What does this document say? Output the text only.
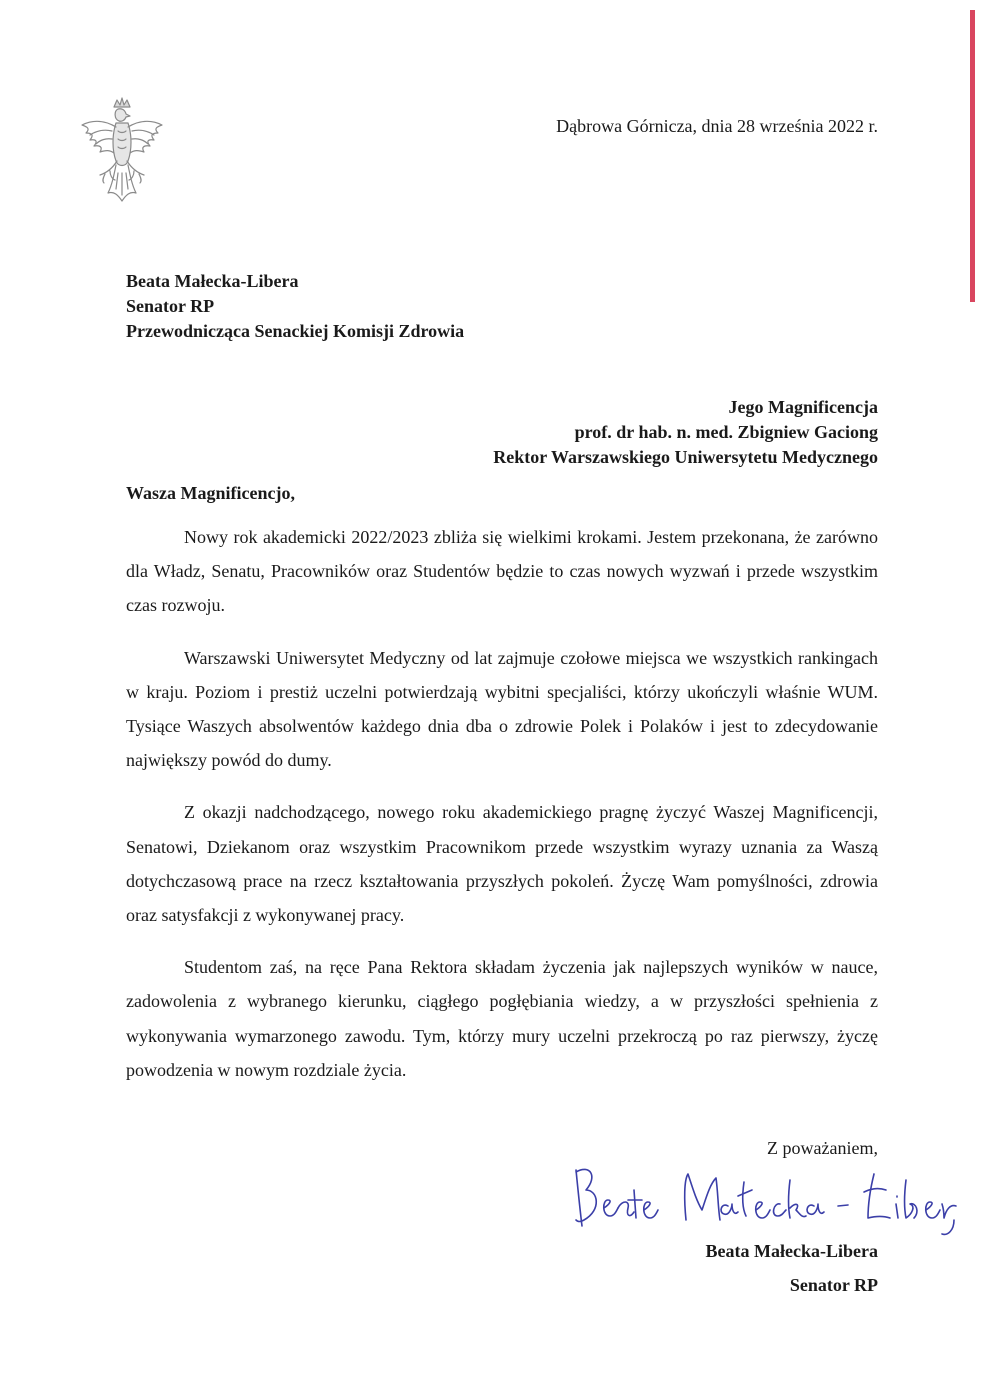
Dąbrowa Górnicza, dnia 28 września 2022 r.
Beata Małecka-Libera
Senator RP
Przewodnicząca Senackiej Komisji Zdrowia
Jego Magnificencja
prof. dr hab. n. med. Zbigniew Gaciong
Rektor Warszawskiego Uniwersytetu Medycznego
Wasza Magnificencjo,

Nowy rok akademicki 2022/2023 zbliża się wielkimi krokami. Jestem przekonana, że zarówno dla Władz, Senatu, Pracowników oraz Studentów będzie to czas nowych wyzwań i przede wszystkim czas rozwoju.

Warszawski Uniwersytet Medyczny od lat zajmuje czołowe miejsca we wszystkich rankingach w kraju. Poziom i prestiż uczelni potwierdzają wybitni specjaliści, którzy ukończyli właśnie WUM. Tysiące Waszych absolwentów każdego dnia dba o zdrowie Polek i Polaków i jest to zdecydowanie największy powód do dumy.

Z okazji nadchodzącego, nowego roku akademickiego pragnę życzyć Waszej Magnificencji, Senatowi, Dziekanom oraz wszystkim Pracownikom przede wszystkim wyrazy uznania za Waszą dotychczasową prace na rzecz kształtowania przyszłych pokoleń. Życzę Wam pomyślności, zdrowia oraz satysfakcji z wykonywanej pracy.

Studentom zaś, na ręce Pana Rektora składam życzenia jak najlepszych wyników w nauce, zadowolenia z wybranego kierunku, ciągłego pogłębiania wiedzy, a w przyszłości spełnienia z wykonywania wymarzonego zawodu. Tym, którzy mury uczelni przekroczą po raz pierwszy, życzę powodzenia w nowym rozdziale życia.

Z poważaniem,
Beata Małecka-Libera
Senator RP
